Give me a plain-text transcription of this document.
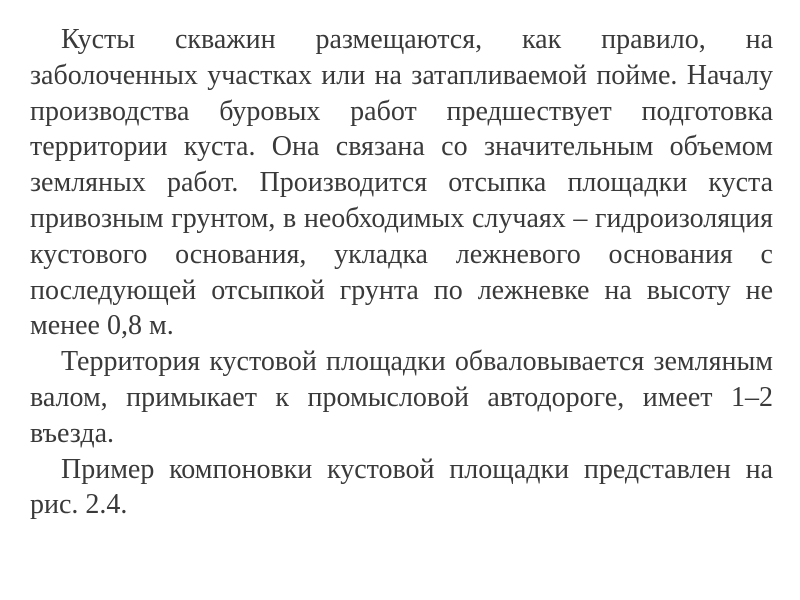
Кусты скважин размещаются, как правило, на заболоченных участках или на затапливаемой пойме. Началу производства буровых работ предшествует подготовка территории куста. Она связана со значительным объемом земляных работ. Производится отсыпка площадки куста привозным грунтом, в необходимых случаях – гидроизоляция кустового основания, укладка лежневого основания с последующей отсыпкой грунта по лежневке на высоту не менее 0,8 м.

Территория кустовой площадки обваловывается земляным валом, примыкает к промысловой автодороге, имеет 1–2 въезда.

Пример компоновки кустовой площадки представлен на рис. 2.4.
